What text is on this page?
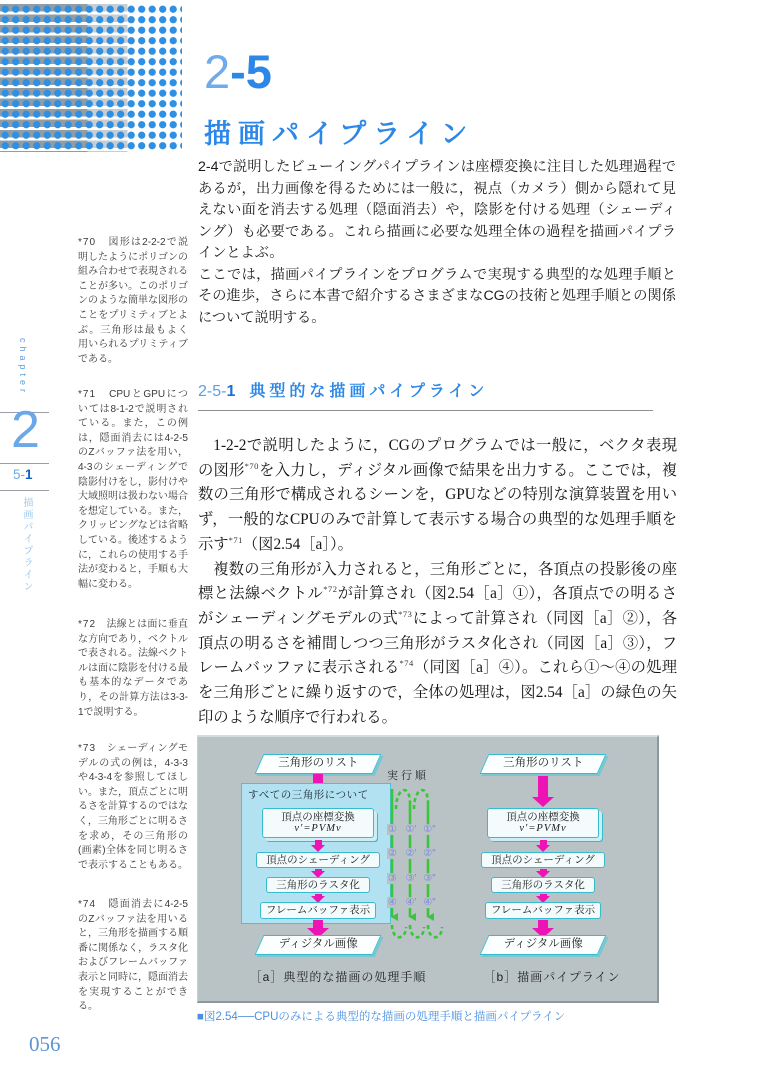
chapter
2
5-1
描画パイプライン
*70　図形は2-2-2で説明したようにポリゴンの組み合わせで表現されることが多い。このポリゴンのような簡単な図形のことをプリミティブとよぶ。三角形は最もよく用いられるプリミティブである。
*71　CPUとGPUについては8-1-2で説明されている。また，この例は，隠面消去には4-2-5のZバッファ法を用い，4-3のシェーディングで陰影付けをし，影付けや大域照明は扱わない場合を想定している。また，クリッピングなどは省略している。後述するように，これらの使用する手法が変わると，手順も大幅に変わる。
*72　法線とは面に垂直な方向であり，ベクトルで表される。法線ベクトルは面に陰影を付ける最も基本的なデータであり，その計算方法は3-3-1で説明する。
*73　シェーディングモデルの式の例は，4-3-3や4-3-4を参照してほしい。また，頂点ごとに明るさを計算するのではなく，三角形ごとに明るさを求め，その三角形の(画素)全体を同じ明るさで表示することもある。
*74　隠面消去に4-2-5のZバッファ法を用いると，三角形を描画する順番に関係なく，ラスタ化およびフレームバッファ表示と同時に，隠面消去を実現することができる。
2-5
描画パイプライン

2-4で説明したビューイングパイプラインは座標変換に注目した処理過程であるが，出力画像を得るためには一般に，視点（カメラ）側から隠れて見えない面を消去する処理（隠面消去）や，陰影を付ける処理（シェーディング）も必要である。これら描画に必要な処理全体の過程を描画パイプラインとよぶ。

ここでは，描画パイプラインをプログラムで実現する典型的な処理手順とその進歩，さらに本書で紹介するさまざまなCGの技術と処理手順との関係について説明する。

2-5-1 典型的な描画パイプライン

1-2-2で説明したように，CGのプログラムでは一般に，ベクタ表現の図形$^{*70}$を入力し，ディジタル画像で結果を出力する。ここでは，複数の三角形で構成されるシーンを，GPUなどの特別な演算装置を用いず，一般的なCPUのみで計算して表示する場合の典型的な処理手順を示す$^{*71}$（図2.54［a］）。

複数の三角形が入力されると，三角形ごとに，各頂点の投影後の座標と法線ベクトル$^{*72}$が計算され（図2.54［a］①），各頂点での明るさがシェーディングモデルの式$^{*73}$によって計算され（同図［a］②），各頂点の明るさを補間しつつ三角形がラスタ化され（同図［a］③），フレームバッファに表示される$^{*74}$（同図［a］④）。これら①〜④の処理を三角形ごとに繰り返すので，全体の処理は，図2.54［a］の緑色の矢印のような順序で行われる。

三角形のリスト
すべての三角形について
頂点の座標変換
v′=PVMv
頂点のシェーディング
三角形のラスタ化
フレームバッファ表示
ディジタル画像
実行順
① ①′ ①″
② ②′ ②″
③ ③′ ③″
④ ④′ ④″
三角形のリスト
頂点の座標変換
v′=PVMv
頂点のシェーディング
三角形のラスタ化
フレームバッファ表示
ディジタル画像
［a］典型的な描画の処理手順	［b］描画パイプライン
■図2.54──CPUのみによる典型的な描画の処理手順と描画パイプライン
056
